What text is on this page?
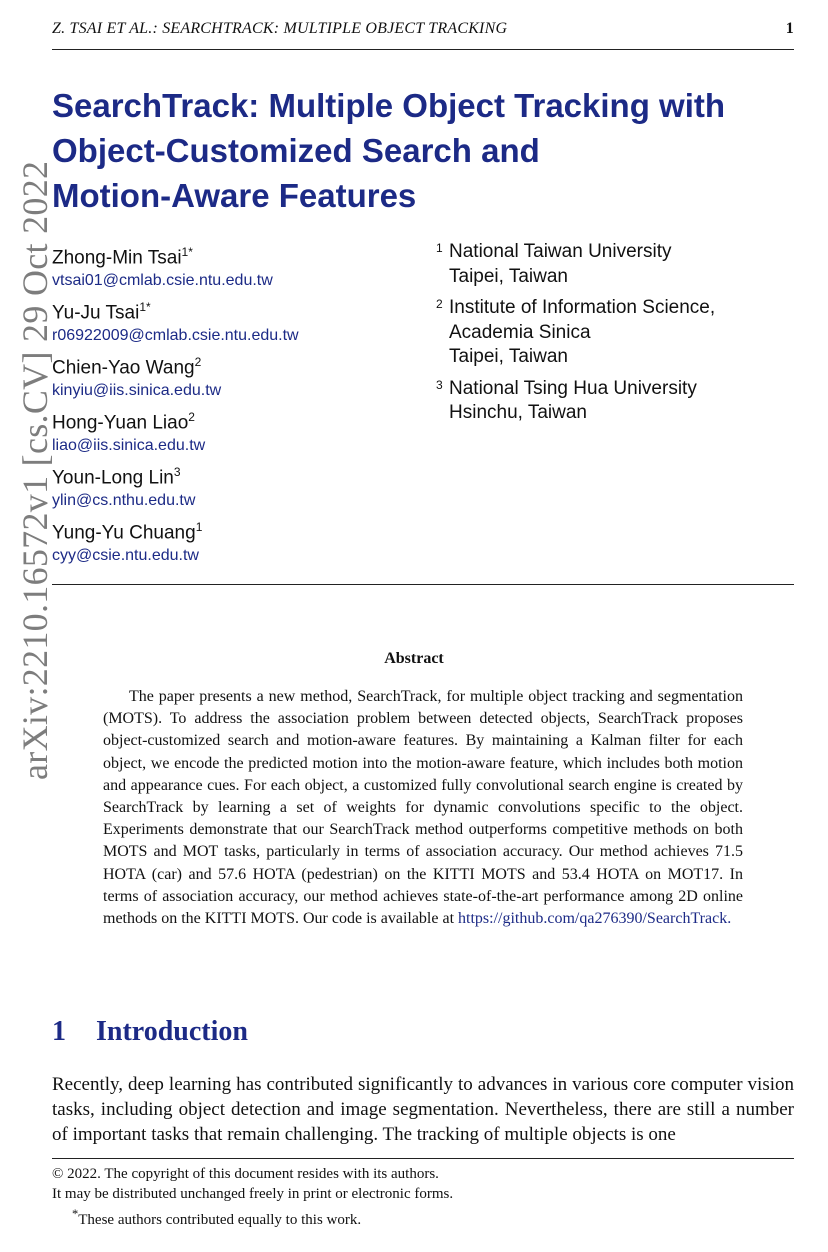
Z. TSAI ET AL.: SEARCHTRACK: MULTIPLE OBJECT TRACKING	1
arXiv:2210.16572v1 [cs.CV] 29 Oct 2022
SearchTrack: Multiple Object Tracking with
Object-Customized Search and
Motion-Aware Features
Zhong-Min Tsai$^{1*}$
vtsai01@cmlab.csie.ntu.edu.tw
Yu-Ju Tsai$^{1*}$
r06922009@cmlab.csie.ntu.edu.tw
Chien-Yao Wang$^2$
kinyiu@iis.sinica.edu.tw
Hong-Yuan Liao$^2$
liao@iis.sinica.edu.tw
Youn-Long Lin$^3$
ylin@cs.nthu.edu.tw
Yung-Yu Chuang$^1$
cyy@csie.ntu.edu.tw
1 National Taiwan University
Taipei, Taiwan
2 Institute of Information Science,
Academia Sinica
Taipei, Taiwan
3 National Tsing Hua University
Hsinchu, Taiwan
Abstract

The paper presents a new method, SearchTrack, for multiple object tracking and segmentation (MOTS). To address the association problem between detected objects, SearchTrack proposes object-customized search and motion-aware features. By maintaining a Kalman filter for each object, we encode the predicted motion into the motion-aware feature, which includes both motion and appearance cues. For each object, a customized fully convolutional search engine is created by SearchTrack by learning a set of weights for dynamic convolutions specific to the object. Experiments demonstrate that our SearchTrack method outperforms competitive methods on both MOTS and MOT tasks, particularly in terms of association accuracy. Our method achieves 71.5 HOTA (car) and 57.6 HOTA (pedestrian) on the KITTI MOTS and 53.4 HOTA on MOT17. In terms of association accuracy, our method achieves state-of-the-art performance among 2D online methods on the KITTI MOTS. Our code is available at https://github.com/qa276390/SearchTrack.

1 Introduction

Recently, deep learning has contributed significantly to advances in various core computer vision tasks, including object detection and image segmentation. Nevertheless, there are still a number of important tasks that remain challenging. The tracking of multiple objects is one

© 2022. The copyright of this document resides with its authors.
It may be distributed unchanged freely in print or electronic forms.
*These authors contributed equally to this work.
